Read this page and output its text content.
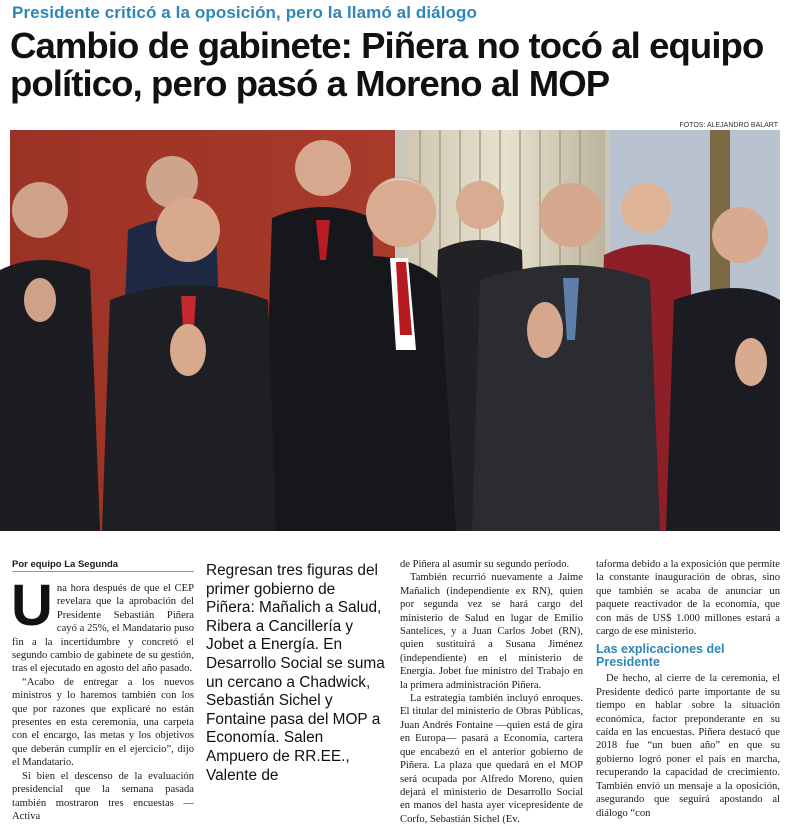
Presidente criticó a la oposición, pero la llamó al diálogo
Cambio de gabinete: Piñera no tocó al equipo político, pero pasó a Moreno al MOP
FOTOS: ALEJANDRO BALART
Por equipo La Segunda

Una hora después de que el CEP revelara que la aprobación del Presidente Sebastián Piñera cayó a 25%, el Mandatario puso fin a la incertidumbre y concretó el segundo cambio de gabinete de su gestión, tras el ejecutado en agosto del año pasado.

“Acabo de entregar a los nuevos ministros y lo haremos también con los que por razones que explicaré no están presentes en esta ceremonia, una carpeta con el encargo, las metas y los objetivos que deberán cumplir en el ejercicio”, dijo el Mandatario.

Si bien el descenso de la evaluación presidencial que la semana pasada también mostraron tres encuestas —Activa

Regresan tres figuras del primer gobierno de Piñera: Mañalich a Salud, Ribera a Cancillería y Jobet a Energía. En Desarrollo Social se suma un cercano a Chadwick, Sebastián Sichel y Fontaine pasa del MOP a Economía. Salen Ampuero de RR.EE., Valente de

de Piñera al asumir su segundo período.

También recurrió nuevamente a Jaime Mañalich (independiente ex RN), quien por segunda vez se hará cargo del ministerio de Salud en lugar de Emilio Santelices, y a Juan Carlos Jobet (RN), quien sustituirá a Susana Jiménez (independiente) en el ministerio de Energía. Jobet fue ministro del Trabajo en la primera administración Piñera.

La estrategia también incluyó enroques. El titular del ministerio de Obras Públicas, Juan Andrés Fontaine —quien está de gira en Europa— pasará a Economía, cartera que encabezó en el anterior gobierno de Piñera. La plaza que quedará en el MOP será ocupada por Alfredo Moreno, quien dejará el ministerio de Desarrollo Social en manos del hasta ayer vicepresidente de Corfo, Sebastián Sichel (Ev.

taforma debido a la exposición que permite la constante inauguración de obras, sino que también se acaba de anunciar un paquete reactivador de la economía, que con más de US$ 1.000 millones estará a cargo de ese ministerio.

Las explicaciones del Presidente

De hecho, al cierre de la ceremonia, el Presidente dedicó parte importante de su tiempo en hablar sobre la situación económica, factor preponderante en su caída en las encuestas. Piñera destacó que 2018 fue “un buen año” en que su gobierno logró poner el país en marcha, recuperando la capacidad de crecimiento. También envió un mensaje a la oposición, asegurando que seguirá apostando al diálogo “con
